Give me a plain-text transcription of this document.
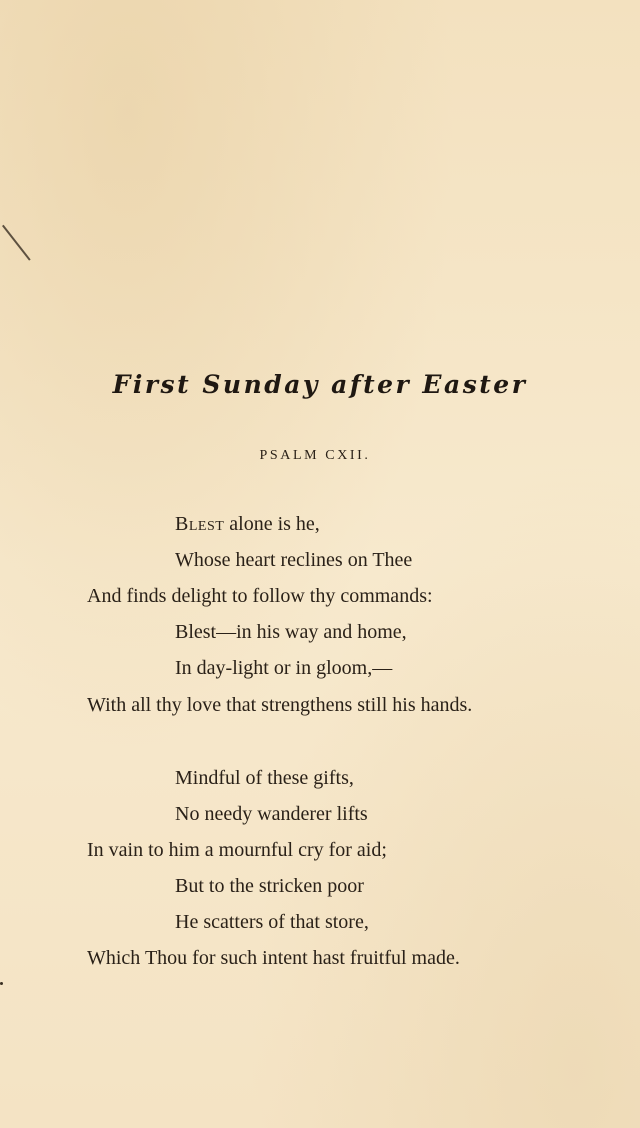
First Sunday after Easter
PSALM CXII.
Blest alone is he,
Whose heart reclines on Thee
And finds delight to follow thy commands:
Blest—in his way and home,
In day-light or in gloom,—
With all thy love that strengthens still his hands.
Mindful of these gifts,
No needy wanderer lifts
In vain to him a mournful cry for aid;
But to the stricken poor
He scatters of that store,
Which Thou for such intent hast fruitful made.
